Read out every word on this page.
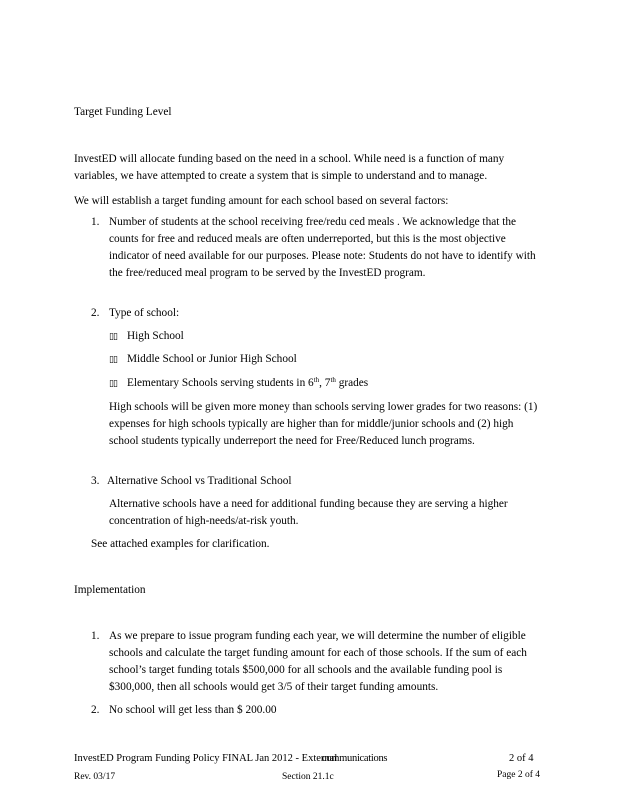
Target Funding Level
InvestED will allocate funding based on the need in a school. While need is a function of many variables, we have attempted to create a system that is simple to understand and to manage.
We will establish a target funding amount for each school based on several factors:
1. Number of students at the school receiving free/redu ced meals . We acknowledge that the counts for free and reduced meals are often underreported, but this is the most objective indicator of need available for our purposes. Please note: Students do not have to identify with the free/reduced meal program to be served by the InvestED program.
2. Type of school:
▯▯ High School
▯▯ Middle School or Junior High School
▯▯ Elementary Schools serving students in 6th, 7th grades
High schools will be given more money than schools serving lower grades for two reasons: (1) expenses for high schools typically are higher than for middle/junior schools and (2) high school students typically underreport the need for Free/Reduced lunch programs.
3. Alternative School vs Traditional School
Alternative schools have a need for additional funding because they are serving a higher concentration of high-needs/at-risk youth.
See attached examples for clarification.
Implementation
1. As we prepare to issue program funding each year, we will determine the number of eligible schools and calculate the target funding amount for each of those schools. If the sum of each school’s target funding totals $500,000 for all schools and the available funding pool is $300,000, then all schools would get 3/5 of their target funding amounts.
2. No school will get less than $ 200.00
InvestED Program Funding Policy FINAL Jan 2012 - External
communications	2 of 4
Rev. 03/17	Section 21.1c	Page 2 of 4
